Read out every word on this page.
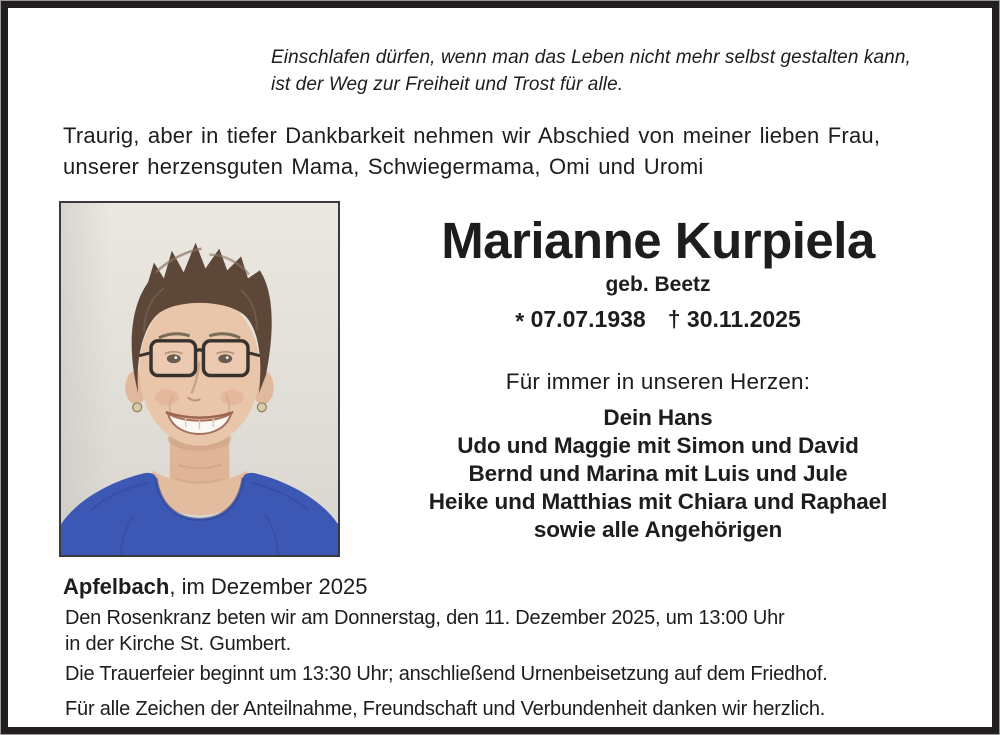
Einschlafen dürfen, wenn man das Leben nicht mehr selbst gestalten kann,
ist der Weg zur Freiheit und Trost für alle.
Traurig, aber in tiefer Dankbarkeit nehmen wir Abschied von meiner lieben Frau,
unserer herzensguten Mama, Schwiegermama, Omi und Uromi
Marianne Kurpiela
geb. Beetz
* 07.07.1938 † 30.11.2025
Für immer in unseren Herzen:
Dein Hans
Udo und Maggie mit Simon und David
Bernd und Marina mit Luis und Jule
Heike und Matthias mit Chiara und Raphael
sowie alle Angehörigen
Apfelbach, im Dezember 2025
Den Rosenkranz beten wir am Donnerstag, den 11. Dezember 2025, um 13:00 Uhr
in der Kirche St. Gumbert.
Die Trauerfeier beginnt um 13:30 Uhr; anschließend Urnenbeisetzung auf dem Friedhof.
Für alle Zeichen der Anteilnahme, Freundschaft und Verbundenheit danken wir herzlich.
